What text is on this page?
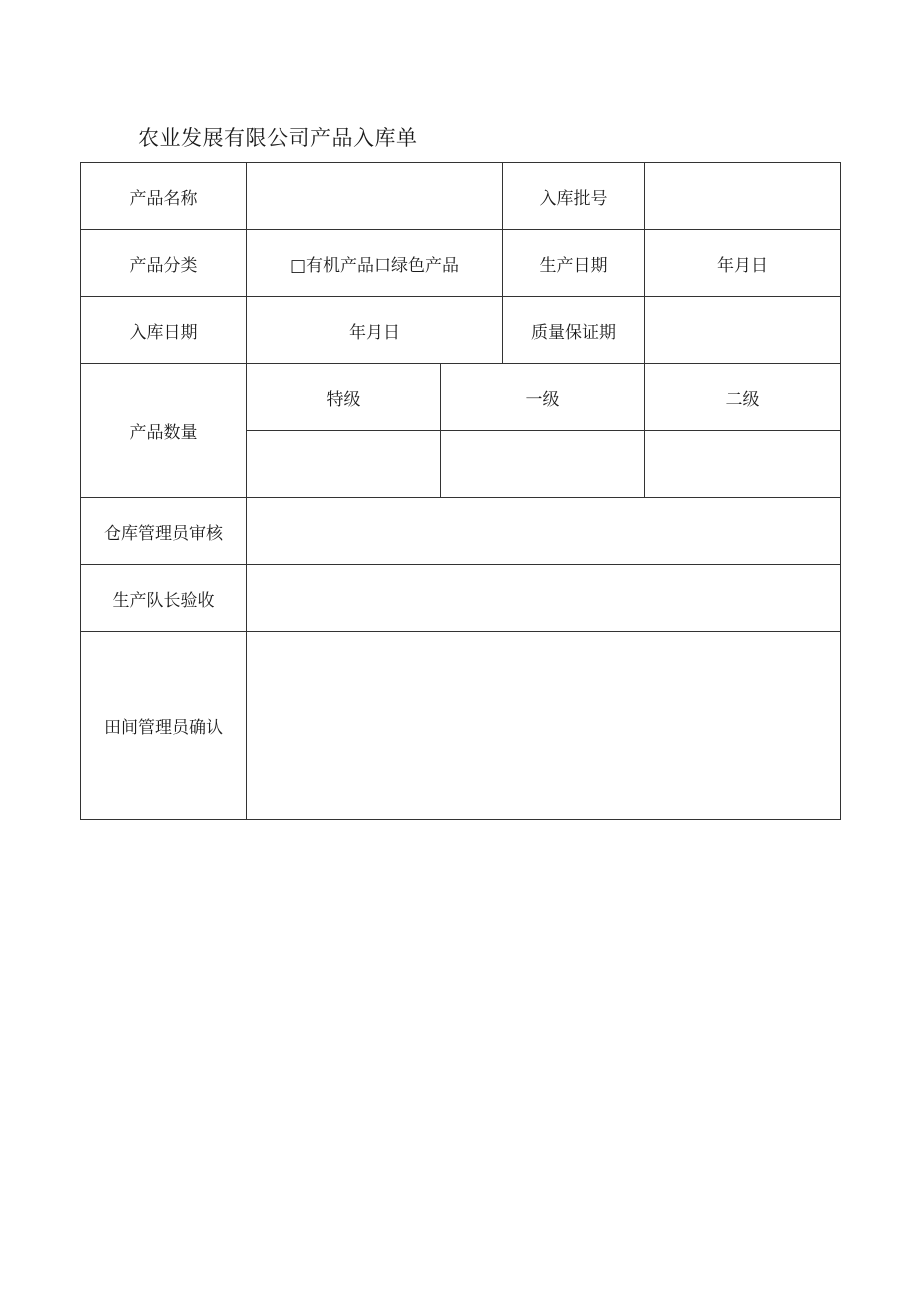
农业发展有限公司产品入库单
产品名称			入库批号	
产品分类	□有机产品口绿色产品		生产日期	年月日
入库日期	年月日		质量保证期	
产品数量	特级	一级		二级

仓库管理员审核				
生产队长验收				
田间管理员确认				
